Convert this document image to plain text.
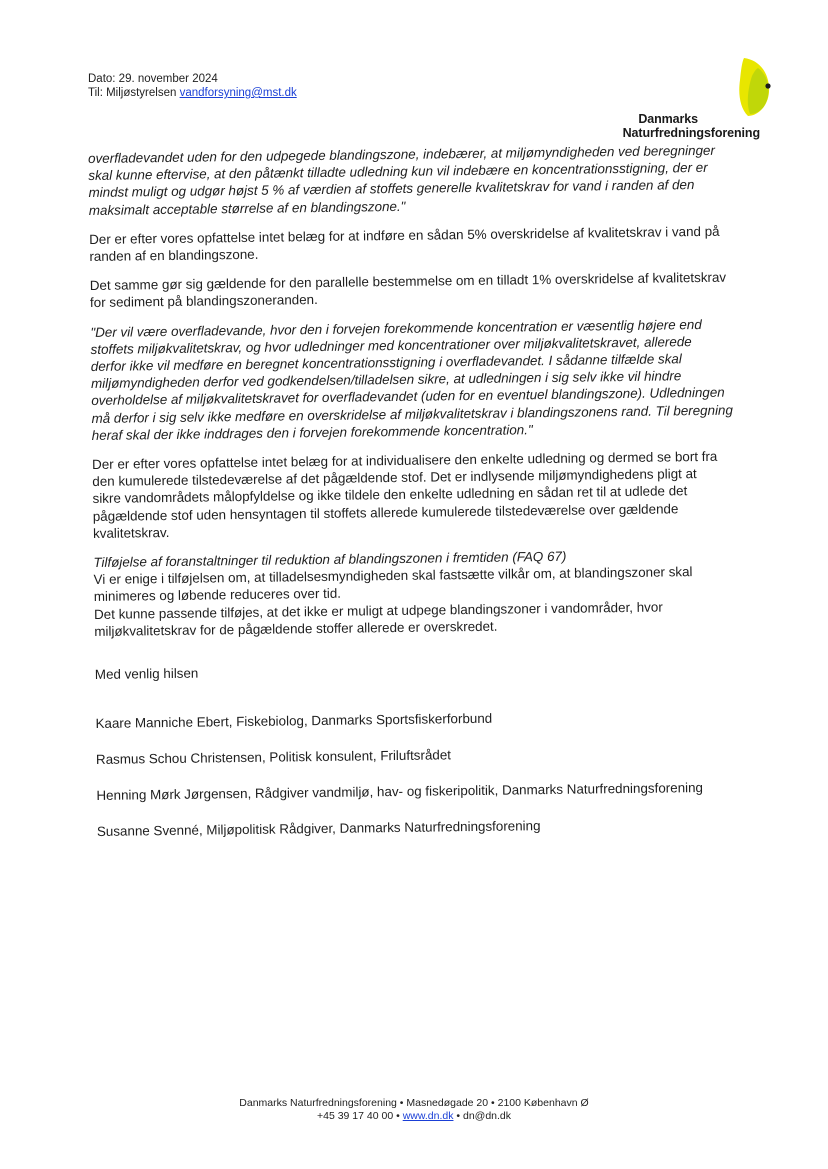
Dato: 29. november 2024
Til: Miljøstyrelsen vandforsyning@mst.dk
Danmarks
Naturfredningsforening

overfladevandet uden for den udpegede blandingszone, indebærer, at miljømyndigheden ved beregninger
skal kunne eftervise, at den påtænkt tilladte udledning kun vil indebære en koncentrationsstigning, der er
mindst muligt og udgør højst 5 % af værdien af stoffets generelle kvalitetskrav for vand i randen af den
maksimalt acceptable størrelse af en blandingszone."

Der er efter vores opfattelse intet belæg for at indføre en sådan 5% overskridelse af kvalitetskrav i vand på
randen af en blandingszone.

Det samme gør sig gældende for den parallelle bestemmelse om en tilladt 1% overskridelse af kvalitetskrav
for sediment på blandingszoneranden.

"Der vil være overfladevande, hvor den i forvejen forekommende koncentration er væsentlig højere end
stoffets miljøkvalitetskrav, og hvor udledninger med koncentrationer over miljøkvalitetskravet, allerede
derfor ikke vil medføre en beregnet koncentrationsstigning i overfladevandet. I sådanne tilfælde skal
miljømyndigheden derfor ved godkendelsen/tilladelsen sikre, at udledningen i sig selv ikke vil hindre
overholdelse af miljøkvalitetskravet for overfladevandet (uden for en eventuel blandingszone). Udledningen
må derfor i sig selv ikke medføre en overskridelse af miljøkvalitetskrav i blandingszonens rand. Til beregning
heraf skal der ikke inddrages den i forvejen forekommende koncentration."

Der er efter vores opfattelse intet belæg for at individualisere den enkelte udledning og dermed se bort fra
den kumulerede tilstedeværelse af det pågældende stof. Det er indlysende miljømyndighedens pligt at
sikre vandområdets målopfyldelse og ikke tildele den enkelte udledning en sådan ret til at udlede det
pågældende stof uden hensyntagen til stoffets allerede kumulerede tilstedeværelse over gældende
kvalitetskrav.

Tilføjelse af foranstaltninger til reduktion af blandingszonen i fremtiden (FAQ 67)
Vi er enige i tilføjelsen om, at tilladelsesmyndigheden skal fastsætte vilkår om, at blandingszoner skal
minimeres og løbende reduceres over tid.
Det kunne passende tilføjes, at det ikke er muligt at udpege blandingszoner i vandområder, hvor
miljøkvalitetskrav for de pågældende stoffer allerede er overskredet.

Med venlig hilsen

Kaare Manniche Ebert, Fiskebiolog, Danmarks Sportsfiskerforbund

Rasmus Schou Christensen, Politisk konsulent, Friluftsrådet

Henning Mørk Jørgensen, Rådgiver vandmiljø, hav- og fiskeripolitik, Danmarks Naturfredningsforening

Susanne Svenné, Miljøpolitisk Rådgiver, Danmarks Naturfredningsforening

Danmarks Naturfredningsforening • Masnedøgade 20 • 2100 København Ø
+45 39 17 40 00 • www.dn.dk • dn@dn.dk
